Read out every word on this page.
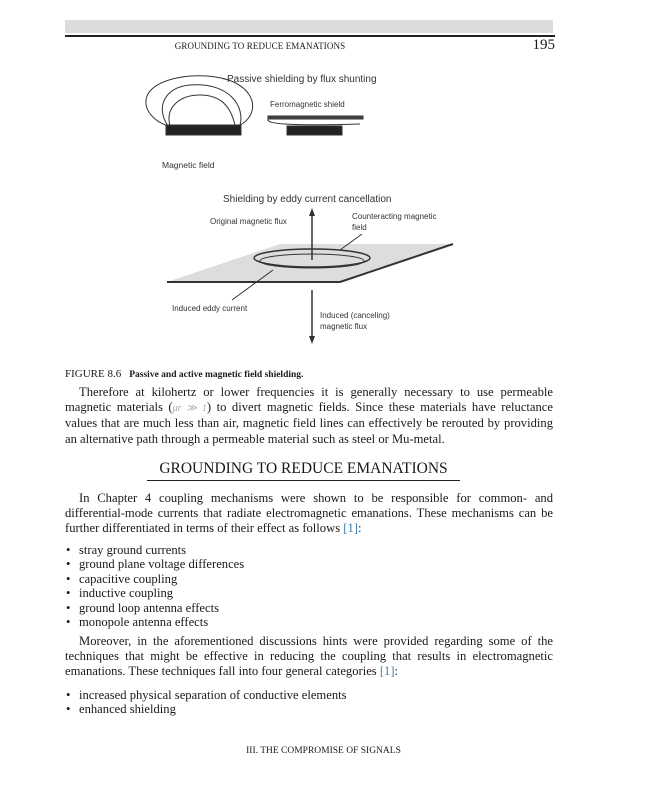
GROUNDING TO REDUCE EMANATIONS	195
Passive shielding by flux shunting
Magnetic field
Ferromagnetic shield
Shielding by eddy current cancellation
Original magnetic flux
Counteracting magnetic
field
Induced eddy current
Induced (canceling)
magnetic flux
FIGURE 8.6 Passive and active magnetic field shielding.
Therefore at kilohertz or lower frequencies it is generally necessary to use permeable magnetic materials (μr ≫ 1) to divert magnetic fields. Since these materials have reluctance values that are much less than air, magnetic field lines can effectively be rerouted by providing an alternative path through a permeable material such as steel or Mu-metal.
GROUNDING TO REDUCE EMANATIONS
In Chapter 4 coupling mechanisms were shown to be responsible for common- and differential-mode currents that radiate electromagnetic emanations. These mechanisms can be further differentiated in terms of their effect as follows [1]:
• stray ground currents
• ground plane voltage differences
• capacitive coupling
• inductive coupling
• ground loop antenna effects
• monopole antenna effects
Moreover, in the aforementioned discussions hints were provided regarding some of the techniques that might be effective in reducing the coupling that results in electromagnetic emanations. These techniques fall into four general categories [1]:
• increased physical separation of conductive elements
• enhanced shielding
III. THE COMPROMISE OF SIGNALS
